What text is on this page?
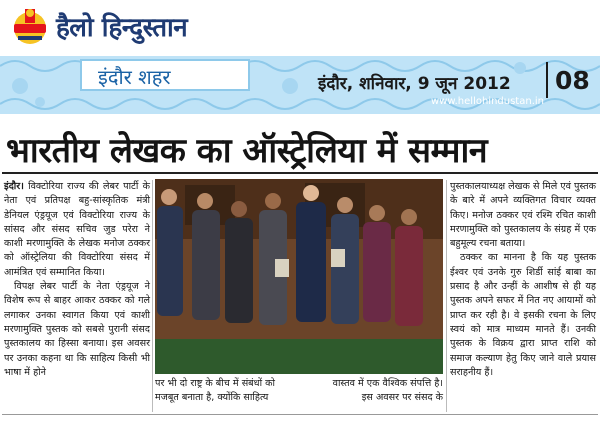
हैलो हिन्दुस्तान
इंदौर शहर	इंदौर, शनिवार, 9 जून 2012 08
www.hellohindustan.in
भारतीय लेखक का ऑस्ट्रेलिया में सम्मान

इंदौर। विक्टोरिया राज्य की लेबर पार्टी के नेता एवं प्रतिपक्ष बहु-सांस्कृतिक मंत्री डेनियल एंड्रयूज एवं विक्टोरिया राज्य के सांसद और संसद सचिव जुड परेरा ने काशी मरणामुक्ति के लेखक मनोज ठक्कर को ऑस्ट्रेलिया की विक्टोरिया संसद में आमंत्रित एवं सम्मानित किया।

विपक्ष लेबर पार्टी के नेता एंड्रयूज ने विशेष रूप से बाहर आकर ठक्कर को गले लगाकर उनका स्वागत किया एवं काशी मरणामुक्ति पुस्तक को सबसे पुरानी संसद पुस्तकालय का हिस्सा बनाया। इस अवसर पर उनका कहना था कि साहित्य किसी भी भाषा में होने

पर भी दो राष्ट्र के बीच में संबंधों को	वास्तव में एक वैश्विक संपत्ति है।
मजबूत बनाता है, क्योंकि साहित्य	इस अवसर पर संसद के

पुस्तकालयाध्यक्ष लेखक से मिले एवं पुस्तक के बारे में अपने व्यक्तिगत विचार व्यक्त किए। मनोज ठक्कर एवं रश्मि रचित काशी मरणामुक्ति को पुस्तकालय के संग्रह में एक बहुमूल्य रचना बताया।

ठक्कर का मानना है कि यह पुस्तक ईश्वर एवं उनके गुरु शिर्डी सांई बाबा का प्रसाद है और उन्हीं के आशीष से ही यह पुस्तक अपने सफर में नित नए आयामों को प्राप्त कर रही है। वे इसकी रचना के लिए स्वयं को मात्र माध्यम मानते हैं। उनकी पुस्तक के विक्रय द्वारा प्राप्त राशि को समाज कल्याण हेतु किए जाने वाले प्रयास सराहनीय हैं।
